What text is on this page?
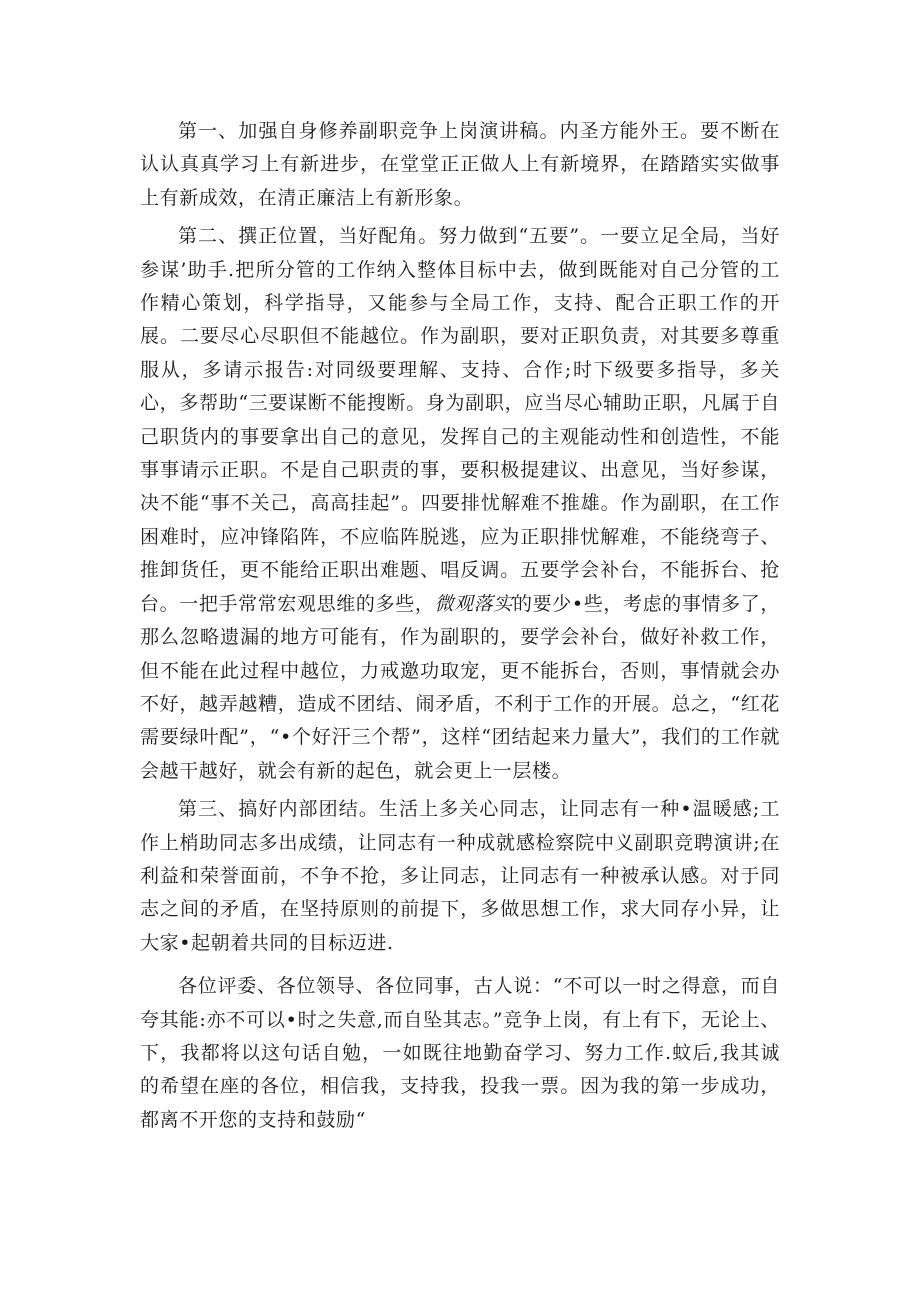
第一、加强自身修养副职竞争上岗演讲稿。内圣方能外王。要不断在认认真真学习上有新进步，在堂堂正正做人上有新境界，在踏踏实实做事上有新成效，在清正廉洁上有新形象。

第二、撰正位置，当好配角。努力做到“五要”。一要立足全局，当好参谋’助手.把所分管的工作纳入整体目标中去，做到既能对自己分管的工作精心策划，科学指导，又能参与全局工作，支持、配合正职工作的开展。二要尽心尽职但不能越位。作为副职，要对正职负责，对其要多尊重服从，多请示报告:对同级要理解、支持、合作;时下级要多指导，多关心，多帮助“三要谋断不能搜断。身为副职，应当尽心辅助正职，凡属于自己职货内的事要拿出自己的意见，发挥自己的主观能动性和创造性，不能事事请示正职。不是自己职责的事，要积极提建议、出意见，当好参谋，决不能“事不关己，高高挂起”。四要排忧解难不推雄。作为副职，在工作困难时，应冲锋陷阵，不应临阵脱逃，应为正职排忧解难，不能绕弯子、推卸货任，更不能给正职出难题、唱反调。五要学会补台，不能拆台、抢台。一把手常常宏观思维的多些，微观落实的要少•些，考虑的事情多了，那么忽略遗漏的地方可能有，作为副职的，要学会补台，做好补救工作，但不能在此过程中越位，力戒邀功取宠，更不能拆台，否则，事情就会办不好，越弄越糟，造成不团结、闹矛盾，不利于工作的开展。总之，“红花需要绿叶配”，“•个好汗三个帮”，这样“团结起来力量大”，我们的工作就会越干越好，就会有新的起色，就会更上一层楼。

第三、搞好内部团结。生活上多关心同志，让同志有一种•温暖感;工作上梢助同志多出成绩，让同志有一种成就感检察院中义副职竞聘演讲;在利益和荣誉面前，不争不抢，多让同志，让同志有一种被承认感。对于同志之间的矛盾，在坚持原则的前提下，多做思想工作，求大同存小异，让大家•起朝着共同的目标迈进.

各位评委、各位领导、各位同事，古人说：“不可以一时之得意，而自夸其能:亦不可以•时之失意,而自坠其志。”竞争上岗，有上有下，无论上、下，我都将以这句话自勉，一如既往地勤奋学习、努力工作.蚊后,我其诚的希望在座的各位，相信我，支持我，投我一票。因为我的第一步成功，都离不开您的支持和鼓励“
